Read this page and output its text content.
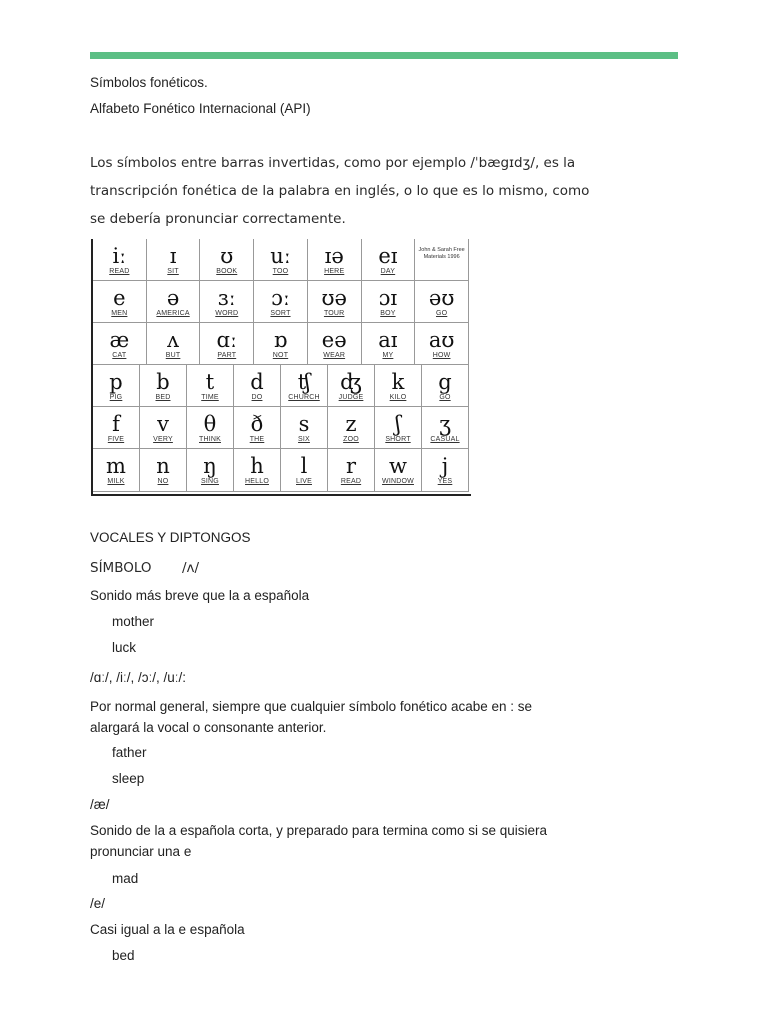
Símbolos fonéticos.
Alfabeto Fonético Internacional (API)
Los símbolos entre barras invertidas, como por ejemplo /ˈbægɪdʒ/, es la
transcripción fonética de la palabra en inglés, o lo que es lo mismo, como
se debería pronunciar correctamente.
iː
READ
ɪ
SIT
ʊ
BOOK
uː
TOO
ɪə
HERE
eɪ
DAY
John & Sarah Free Materials 1996
e
MEN
ə
AMERICA
ɜː
WORD
ɔː
SORT
ʊə
TOUR
ɔɪ
BOY
əʊ
GO
æ
CAT
ʌ
BUT
ɑː
PART
ɒ
NOT
eə
WEAR
aɪ
MY
aʊ
HOW
p
PIG
b
BED
t
TIME
d
DO
ʧ
CHURCH
ʤ
JUDGE
k
KILO
g
GO
f
FIVE
v
VERY
θ
THINK
ð
THE
s
SIX
z
ZOO
ʃ
SHORT
ʒ
CASUAL
m
MILK
n
NO
ŋ
SING
h
HELLO
l
LIVE
r
READ
w
WINDOW
j
YES
VOCALES Y DIPTONGOS
SÍMBOLO /ʌ/
Sonido más breve que la a española
mother
luck
/ɑː/, /iː/, /ɔː/, /uː/:
Por normal general, siempre que cualquier símbolo fonético acabe en : se alargará la vocal o consonante anterior.
father
sleep
/æ/
Sonido de la a española corta, y preparado para termina como si se quisiera pronunciar una e
mad
/e/
Casi igual a la e española
bed
